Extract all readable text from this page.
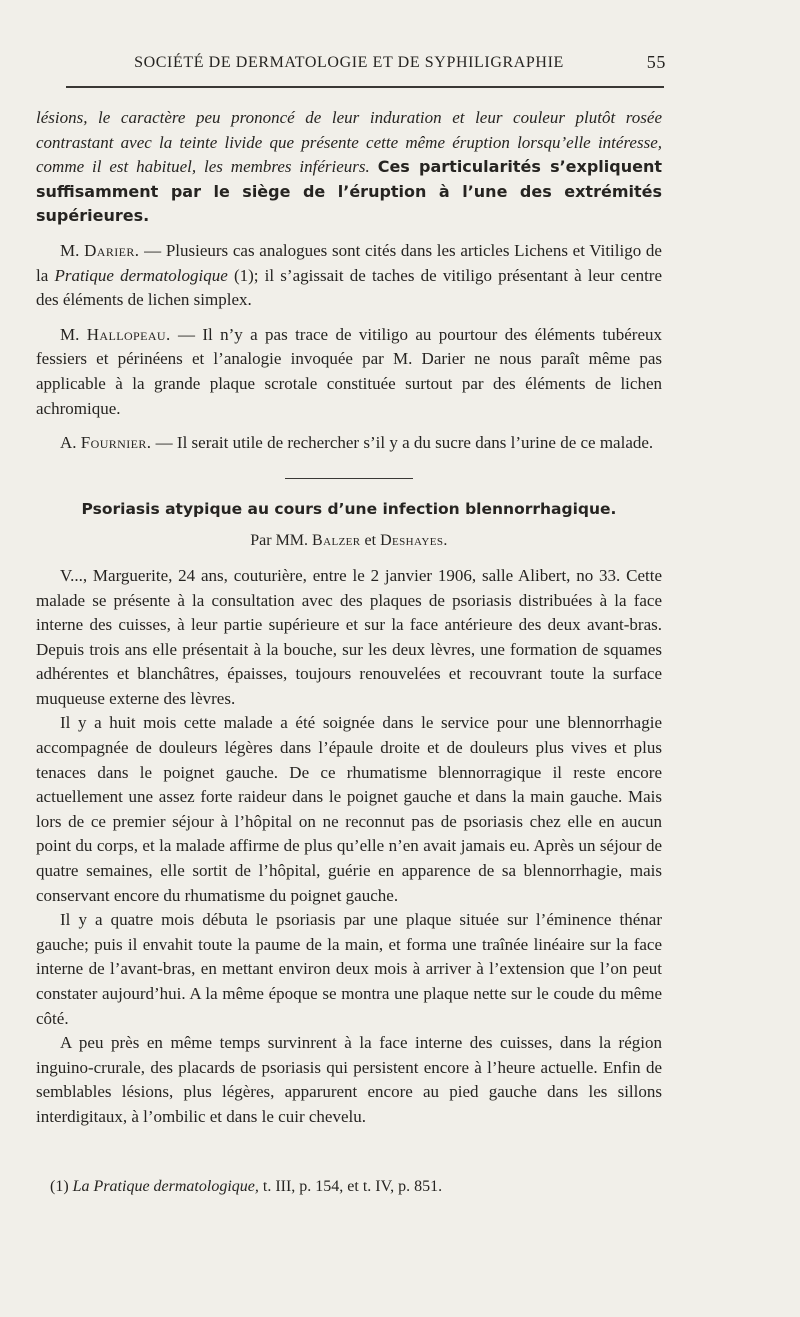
SOCIÉTÉ DE DERMATOLOGIE ET DE SYPHILIGRAPHIE	55

lésions, le caractère peu prononcé de leur induration et leur couleur plutôt rosée contrastant avec la teinte livide que présente cette même éruption lorsqu’elle intéresse, comme il est habituel, les membres inférieurs. Ces particularités s’expliquent suffisamment par le siège de l’éruption à l’une des extrémités supérieures.

M. Darier. — Plusieurs cas analogues sont cités dans les articles Lichens et Vitiligo de la Pratique dermatologique (1); il s’agissait de taches de vitiligo présentant à leur centre des éléments de lichen simplex.

M. Hallopeau. — Il n’y a pas trace de vitiligo au pourtour des éléments tubéreux fessiers et périnéens et l’analogie invoquée par M. Darier ne nous paraît même pas applicable à la grande plaque scrotale constituée surtout par des éléments de lichen achromique.

A. Fournier. — Il serait utile de rechercher s’il y a du sucre dans l’urine de ce malade.

Psoriasis atypique au cours d’une infection blennorrhagique.

Par MM. Balzer et Deshayes.

V..., Marguerite, 24 ans, couturière, entre le 2 janvier 1906, salle Alibert, no 33. Cette malade se présente à la consultation avec des plaques de psoriasis distribuées à la face interne des cuisses, à leur partie supérieure et sur la face antérieure des deux avant-bras. Depuis trois ans elle présentait à la bouche, sur les deux lèvres, une formation de squames adhérentes et blanchâtres, épaisses, toujours renouvelées et recouvrant toute la surface muqueuse externe des lèvres.

Il y a huit mois cette malade a été soignée dans le service pour une blennorrhagie accompagnée de douleurs légères dans l’épaule droite et de douleurs plus vives et plus tenaces dans le poignet gauche. De ce rhumatisme blennorragique il reste encore actuellement une assez forte raideur dans le poignet gauche et dans la main gauche. Mais lors de ce premier séjour à l’hôpital on ne reconnut pas de psoriasis chez elle en aucun point du corps, et la malade affirme de plus qu’elle n’en avait jamais eu. Après un séjour de quatre semaines, elle sortit de l’hôpital, guérie en apparence de sa blennorrhagie, mais conservant encore du rhumatisme du poignet gauche.

Il y a quatre mois débuta le psoriasis par une plaque située sur l’éminence thénar gauche; puis il envahit toute la paume de la main, et forma une traînée linéaire sur la face interne de l’avant-bras, en mettant environ deux mois à arriver à l’extension que l’on peut constater aujourd’hui. A la même époque se montra une plaque nette sur le coude du même côté.

A peu près en même temps survinrent à la face interne des cuisses, dans la région inguino-crurale, des placards de psoriasis qui persistent encore à l’heure actuelle. Enfin de semblables lésions, plus légères, apparurent encore au pied gauche dans les sillons interdigitaux, à l’ombilic et dans le cuir chevelu.

(1) La Pratique dermatologique, t. III, p. 154, et t. IV, p. 851.
